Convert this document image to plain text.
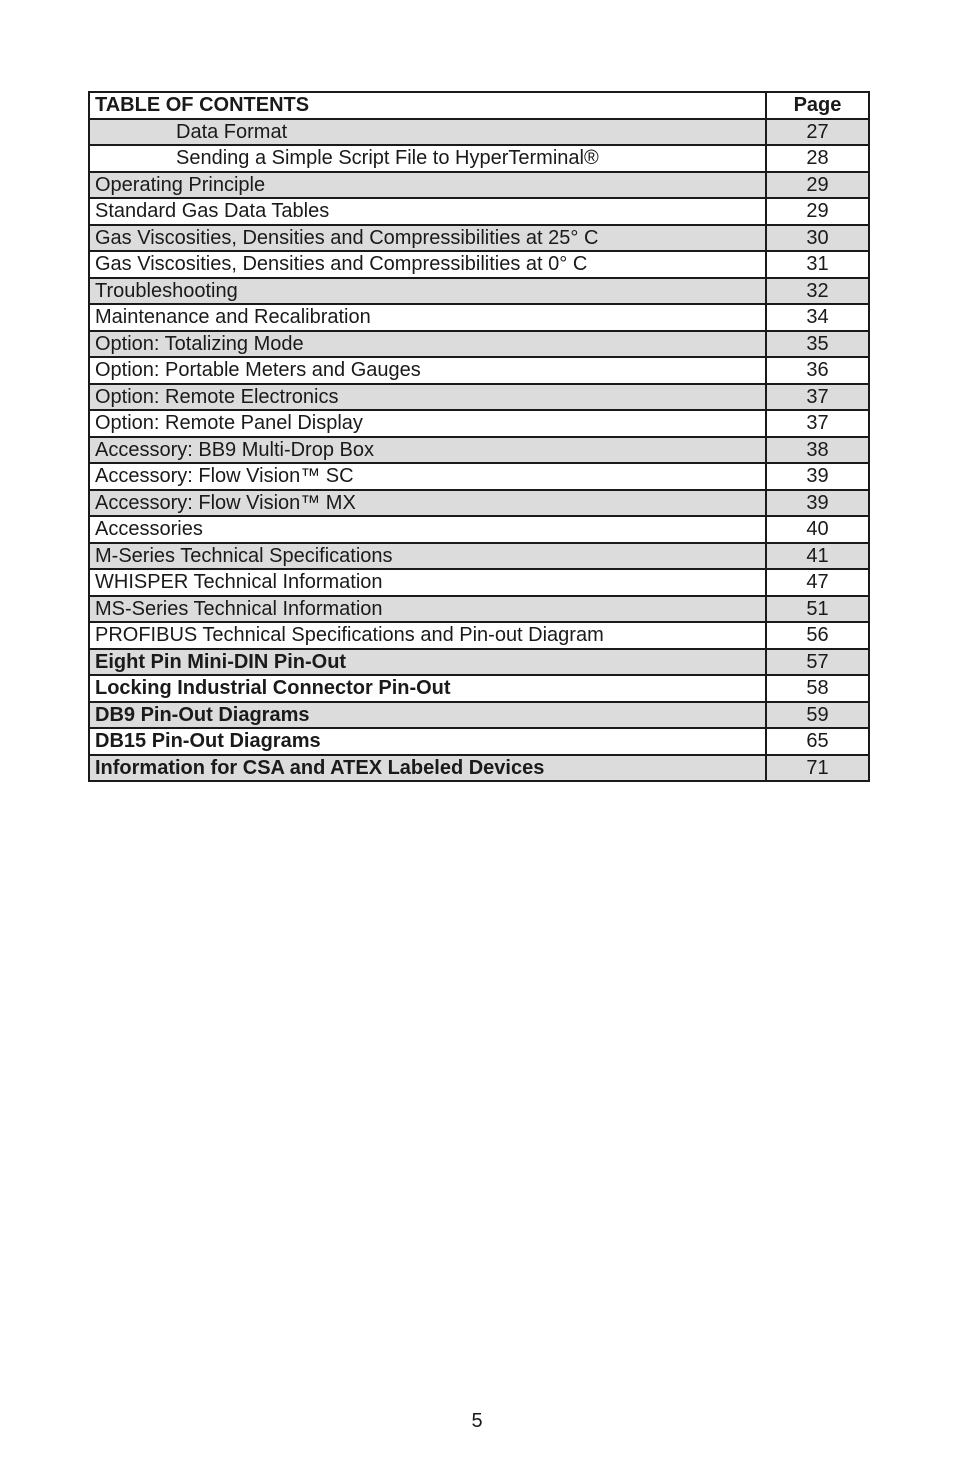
TABLE OF CONTENTS	Page
Data Format	27
Sending a Simple Script File to HyperTerminal®	28
Operating Principle	29
Standard Gas Data Tables	29
Gas Viscosities, Densities and Compressibilities at 25° C	30
Gas Viscosities, Densities and Compressibilities at 0° C	31
Troubleshooting	32
Maintenance and Recalibration	34
Option: Totalizing Mode	35
Option: Portable Meters and Gauges	36
Option: Remote Electronics	37
Option: Remote Panel Display	37
Accessory: BB9 Multi-Drop Box	38
Accessory: Flow Vision™ SC	39
Accessory: Flow Vision™ MX	39
Accessories	40
M-Series Technical Specifications	41
WHISPER Technical Information	47
MS-Series Technical Information	51
PROFIBUS Technical Specifications and Pin-out Diagram	56
Eight Pin Mini-DIN Pin-Out	57
Locking Industrial Connector Pin-Out	58
DB9 Pin-Out Diagrams	59
DB15 Pin-Out Diagrams	65
Information for CSA and ATEX Labeled Devices	71
5
